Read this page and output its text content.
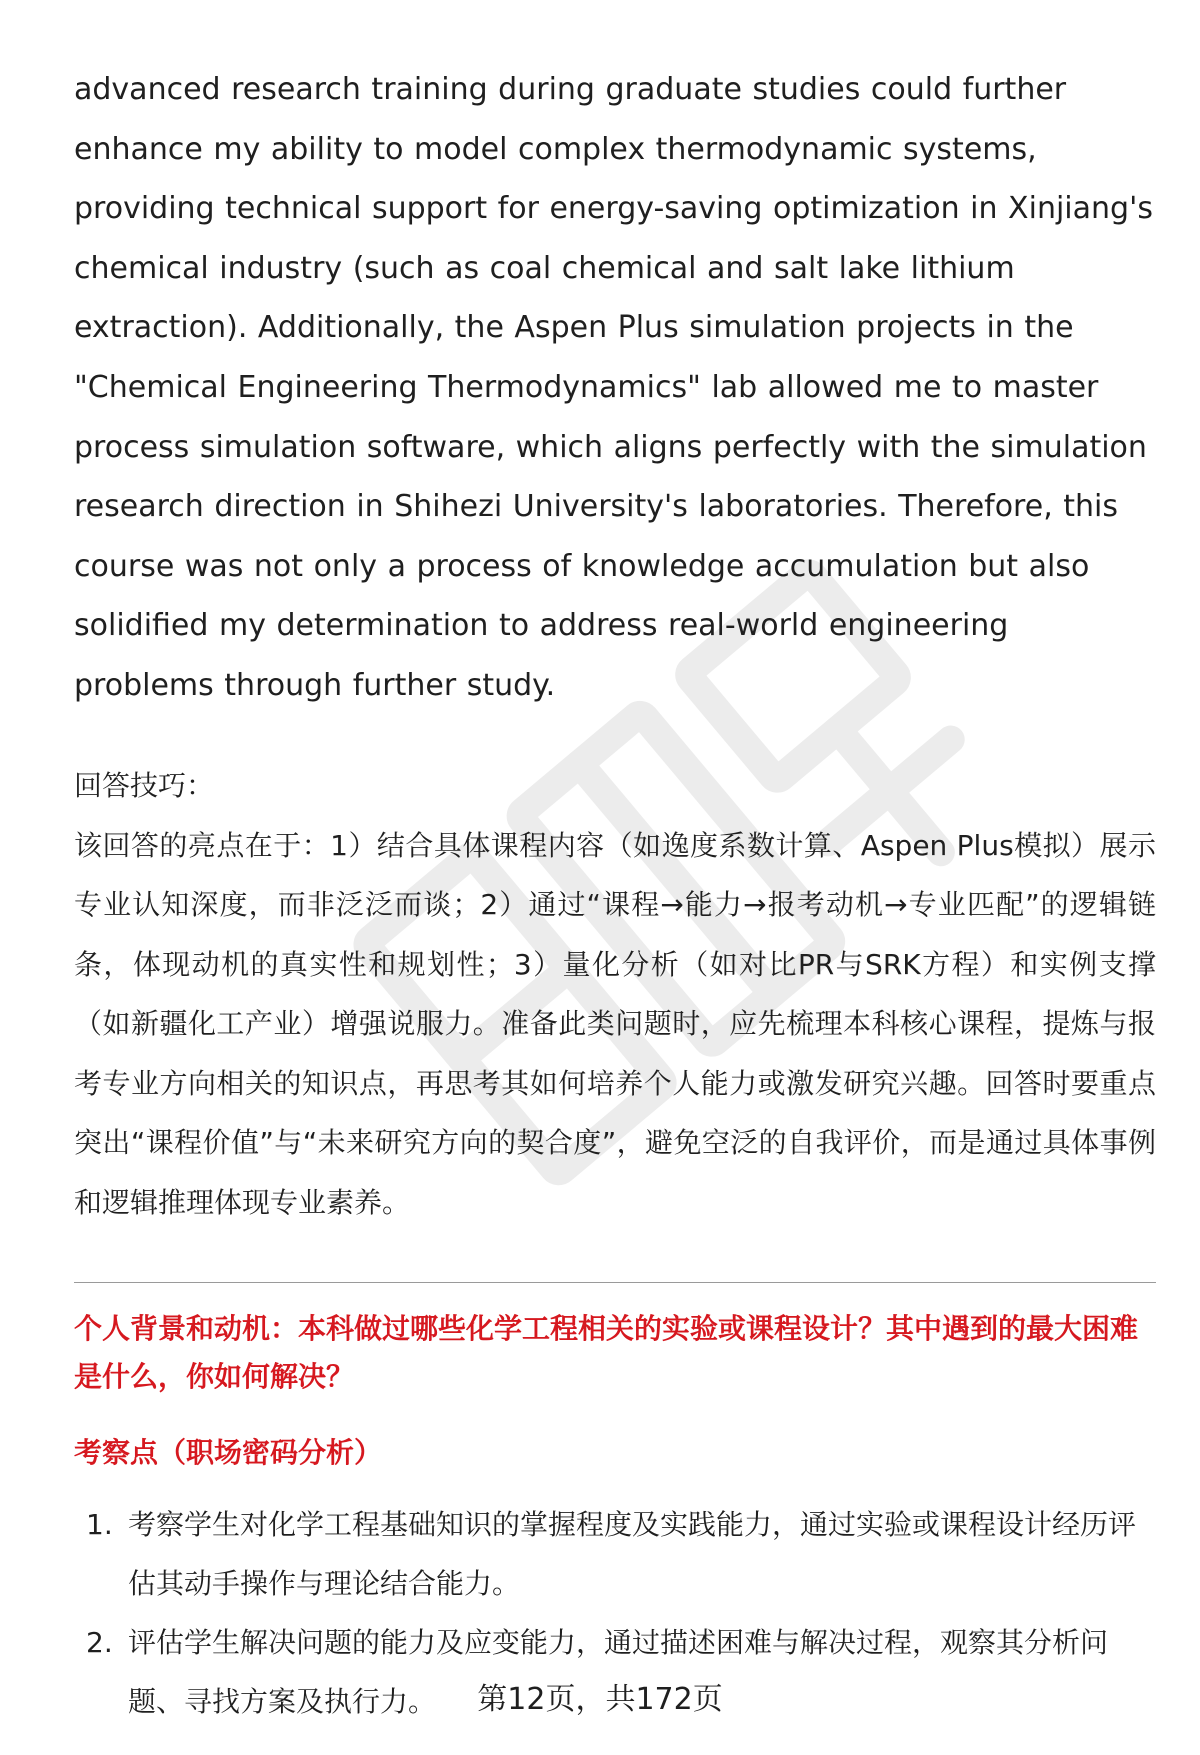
advanced research training during graduate studies could further enhance my ability to model complex thermodynamic systems, providing technical support for energy-saving optimization in Xinjiang's chemical industry (such as coal chemical and salt lake lithium extraction). Additionally, the Aspen Plus simulation projects in the "Chemical Engineering Thermodynamics" lab allowed me to master process simulation software, which aligns perfectly with the simulation research direction in Shihezi University's laboratories. Therefore, this course was not only a process of knowledge accumulation but also solidified my determination to address real-world engineering problems through further study.

回答技巧：

该回答的亮点在于：1）结合具体课程内容（如逸度系数计算、Aspen Plus模拟）展示专业认知深度，而非泛泛而谈；2）通过“课程→能力→报考动机→专业匹配”的逻辑链条，体现动机的真实性和规划性；3）量化分析（如对比PR与SRK方程）和实例支撑（如新疆化工产业）增强说服力。准备此类问题时，应先梳理本科核心课程，提炼与报考专业方向相关的知识点，再思考其如何培养个人能力或激发研究兴趣。回答时要重点突出“课程价值”与“未来研究方向的契合度”，避免空泛的自我评价，而是通过具体事例和逻辑推理体现专业素养。

个人背景和动机：本科做过哪些化学工程相关的实验或课程设计？其中遇到的最大困难是什么，你如何解决？
考察点（职场密码分析）
1. 考察学生对化学工程基础知识的掌握程度及实践能力，通过实验或课程设计经历评估其动手操作与理论结合能力。
2. 评估学生解决问题的能力及应变能力，通过描述困难与解决过程，观察其分析问题、寻找方案及执行力。	第12页，共172页
